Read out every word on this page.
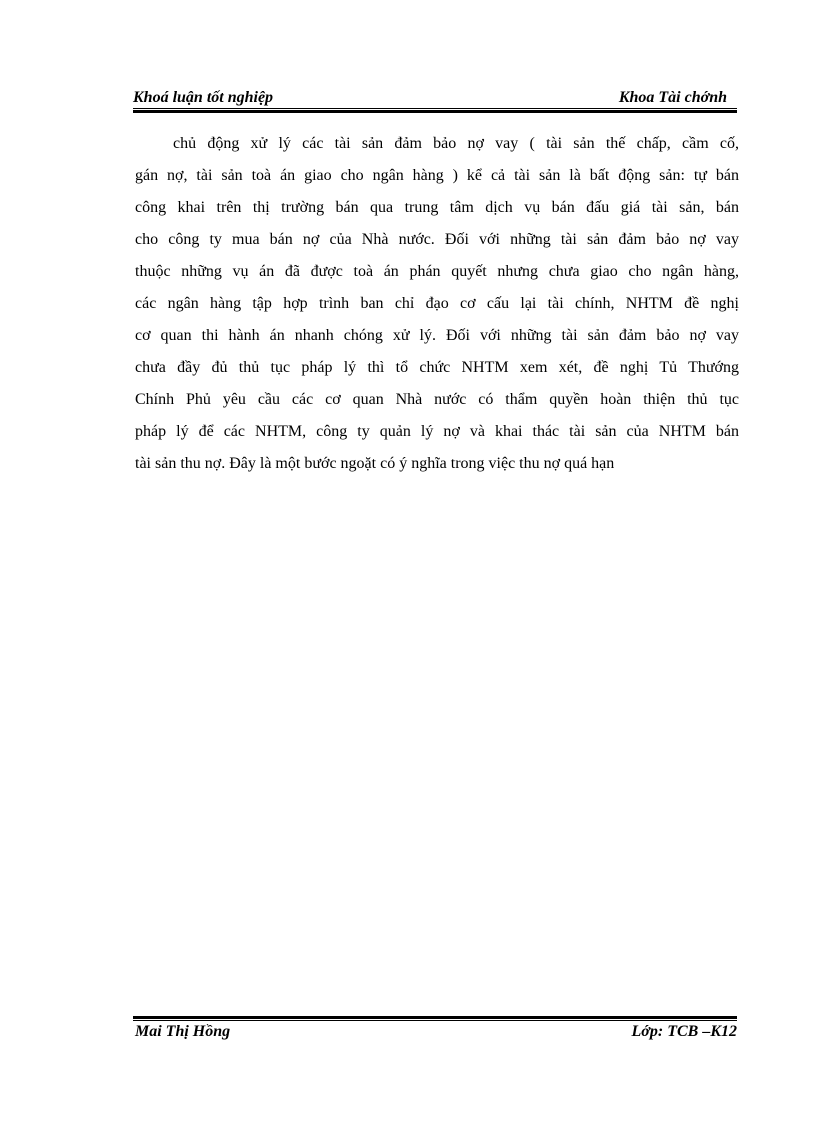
Khoá luận tốt nghiệp	Khoa Tài chớnh
chủ động xử lý các tài sản đảm bảo nợ vay ( tài sản thế chấp, cầm cố,
gán nợ, tài sản toà án giao cho ngân hàng ) kể cả tài sản là bất động sản: tự bán
công khai trên thị trường bán qua trung tâm dịch vụ bán đấu giá tài sản, bán
cho công ty mua bán nợ của Nhà nước. Đối với những tài sản đảm bảo nợ vay
thuộc những vụ án đã được toà án phán quyết nhưng chưa giao cho ngân hàng,
các ngân hàng tập hợp trình ban chỉ đạo cơ cấu lại tài chính, NHTM đề nghị
cơ quan thi hành án nhanh chóng xử lý. Đối với những tài sản đảm bảo nợ vay
chưa đầy đủ thủ tục pháp lý thì tổ chức NHTM xem xét, đề nghị Tủ Thướng
Chính Phủ yêu cầu các cơ quan Nhà nước có thẩm quyền hoàn thiện thủ tục
pháp lý để các NHTM, công ty quản lý nợ và khai thác tài sản của NHTM bán
tài sản thu nợ. Đây là một bước ngoặt có ý nghĩa trong việc thu nợ quá hạn
Mai Thị Hồng	Lớp: TCB –K12
